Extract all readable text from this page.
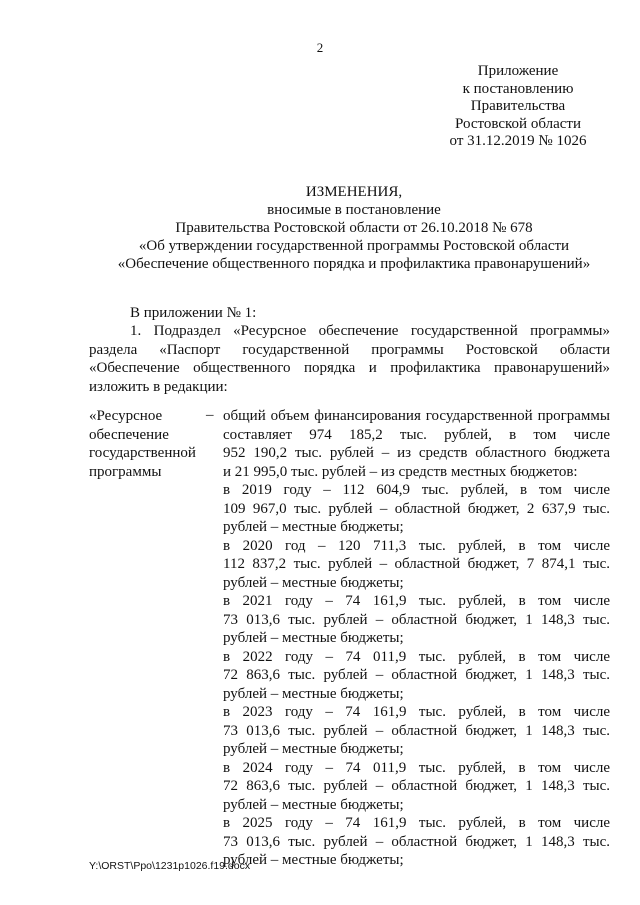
2
Приложение
к постановлению
Правительства
Ростовской области
от 31.12.2019 № 1026
ИЗМЕНЕНИЯ,
вносимые в постановление
Правительства Ростовской области от 26.10.2018 № 678
«Об утверждении государственной программы Ростовской области
«Обеспечение общественного порядка и профилактика правонарушений»
В приложении № 1:
1. Подраздел «Ресурсное обеспечение государственной программы» раздела «Паспорт государственной программы Ростовской области «Обеспечение общественного порядка и профилактика правонарушений» изложить в редакции:
«Ресурсное
обеспечение
государственной
программы
– общий объем финансирования государственной программы
составляет 974 185,2 тыс. рублей, в том числе
952 190,2 тыс. рублей – из средств областного бюджета
и 21 995,0 тыс. рублей – из средств местных бюджетов:
в 2019 году – 112 604,9 тыс. рублей, в том числе
109 967,0 тыс. рублей – областной бюджет, 2 637,9 тыс.
рублей – местные бюджеты;
в 2020 год – 120 711,3 тыс. рублей, в том числе
112 837,2 тыс. рублей – областной бюджет, 7 874,1 тыс.
рублей – местные бюджеты;
в 2021 году – 74 161,9 тыс. рублей, в том числе
73 013,6 тыс. рублей – областной бюджет, 1 148,3 тыс.
рублей – местные бюджеты;
в 2022 году – 74 011,9 тыс. рублей, в том числе
72 863,6 тыс. рублей – областной бюджет, 1 148,3 тыс.
рублей – местные бюджеты;
в 2023 году – 74 161,9 тыс. рублей, в том числе
73 013,6 тыс. рублей – областной бюджет, 1 148,3 тыс.
рублей – местные бюджеты;
в 2024 году – 74 011,9 тыс. рублей, в том числе
72 863,6 тыс. рублей – областной бюджет, 1 148,3 тыс.
рублей – местные бюджеты;
в 2025 году – 74 161,9 тыс. рублей, в том числе
73 013,6 тыс. рублей – областной бюджет, 1 148,3 тыс.
рублей – местные бюджеты;
Y:\ORST\Ppo\1231p1026.f19.docx
